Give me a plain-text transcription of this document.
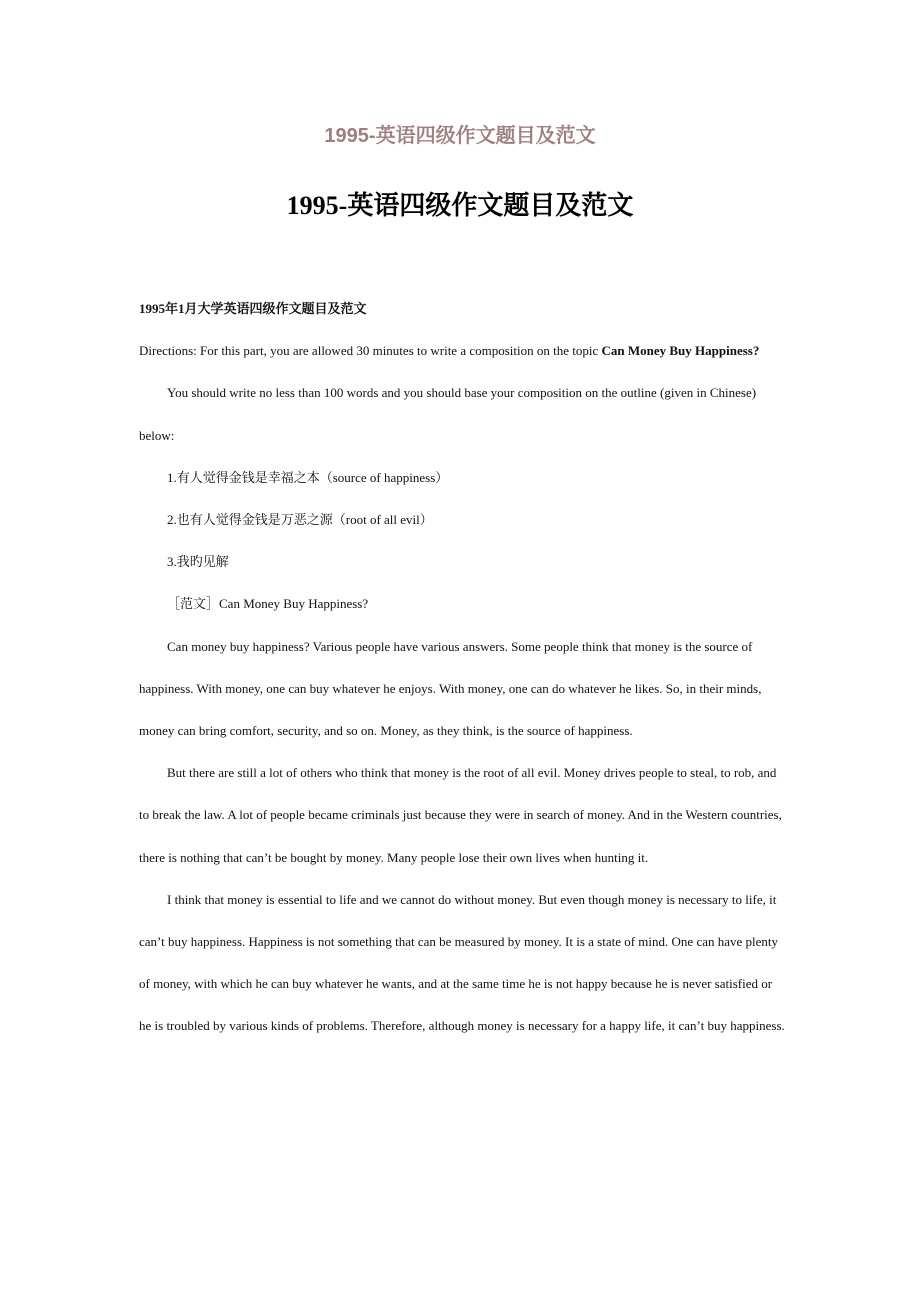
1995-英语四级作文题目及范文
1995-英语四级作文题目及范文

1995年1月大学英语四级作文题目及范文

Directions: For this part, you are allowed 30 minutes to write a composition on the topic Can Money Buy Happiness?

You should write no less than 100 words and you should base your composition on the outline (given in Chinese) below:

1.有人觉得金钱是幸福之本（source of happiness）

2.也有人觉得金钱是万恶之源（root of all evil）

3.我旳见解

［范文］Can Money Buy Happiness?

Can money buy happiness? Various people have various answers. Some people think that money is the source of happiness. With money, one can buy whatever he enjoys. With money, one can do whatever he likes. So, in their minds, money can bring comfort, security, and so on. Money, as they think, is the source of happiness.

But there are still a lot of others who think that money is the root of all evil. Money drives people to steal, to rob, and to break the law. A lot of people became criminals just because they were in search of money. And in the Western countries, there is nothing that can’t be bought by money. Many people lose their own lives when hunting it.

I think that money is essential to life and we cannot do without money. But even though money is necessary to life, it can’t buy happiness. Happiness is not something that can be measured by money. It is a state of mind. One can have plenty of money, with which he can buy whatever he wants, and at the same time he is not happy because he is never satisfied or he is troubled by various kinds of problems. Therefore, although money is necessary for a happy life, it can’t buy happiness.
